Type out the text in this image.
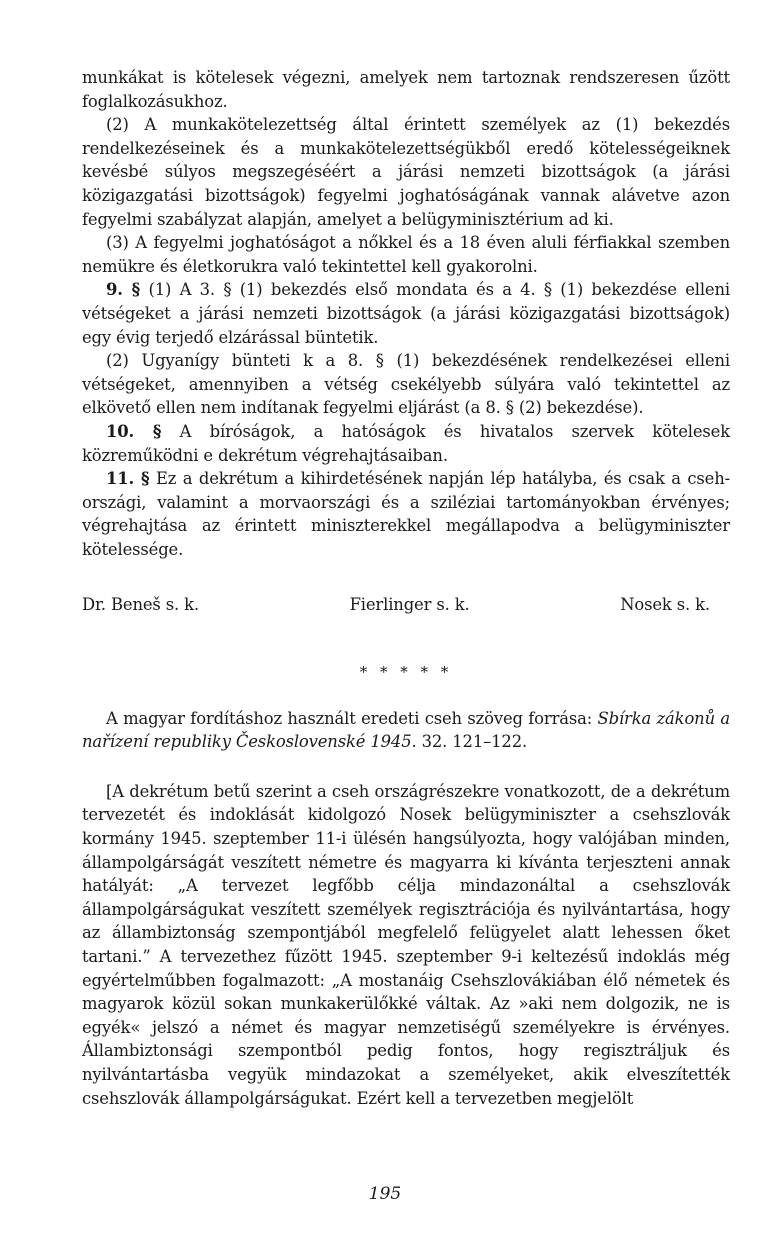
munkákat is kötelesek végezni, amelyek nem tartoznak rendszeresen űzött foglalkozásukhoz.

(2) A munkakötelezettség által érintett személyek az (1) bekezdés rendelkezéseinek és a munkakötelezettségükből eredő kötelességeiknek kevésbé súlyos megszegéséért a járási nemzeti bizottságok (a járási közigazgatási bizottságok) fegyelmi joghatóságának vannak alávetve azon fegyelmi szabályzat alapján, amelyet a belügyminisztérium ad ki.

(3) A fegyelmi joghatóságot a nőkkel és a 18 éven aluli férfiakkal szemben nemükre és életkorukra való tekintettel kell gyakorolni.

9. § (1) A 3. § (1) bekezdés első mondata és a 4. § (1) bekezdése elleni vétségeket a járási nemzeti bizottságok (a járási közigazgatási bizottságok) egy évig terjedő elzárással büntetik.

(2) Ugyanígy bünteti k a 8. § (1) bekezdésének rendelkezései elleni vétségeket, amennyiben a vétség csekélyebb súlyára való tekintettel az elkövető ellen nem indítanak fegyelmi eljárást (a 8. § (2) bekezdése).

10. § A bíróságok, a hatóságok és hivatalos szervek kötelesek közreműködni e dekrétum végrehajtásaiban.

11. § Ez a dekrétum a kihirdetésének napján lép hatályba, és csak a cseh-országi, valamint a morvaországi és a sziléziai tartományokban érvényes; végrehajtása az érintett miniszterekkel megállapodva a belügyminiszter kötelessége.

Dr. Beneš s. k.	Fierlinger s. k.	Nosek s. k.
* * * * *

A magyar fordításhoz használt eredeti cseh szöveg forrása: Sbírka zákonů a nařízení republiky Československé 1945. 32. 121–122.

[A dekrétum betű szerint a cseh országrészekre vonatkozott, de a dekrétum tervezetét és indoklását kidolgozó Nosek belügyminiszter a csehszlovák kormány 1945. szeptember 11-i ülésén hangsúlyozta, hogy valójában minden, állampolgárságát veszített németre és magyarra ki kívánta terjeszteni annak hatályát: „A tervezet legfőbb célja mindazonáltal a csehszlovák állampolgárságukat veszített személyek regisztrációja és nyilvántartása, hogy az állambiztonság szempontjából megfelelő felügyelet alatt lehessen őket tartani.” A tervezethez fűzött 1945. szeptember 9-i keltezésű indoklás még egyértelműbben fogalmazott: „A mostanáig Csehszlovákiában élő németek és magyarok közül sokan munkakerülőkké váltak. Az »aki nem dolgozik, ne is egyék« jelszó a német és magyar nemzetiségű személyekre is érvényes. Állambiztonsági szempontból pedig fontos, hogy regisztráljuk és nyilvántartásba vegyük mindazokat a személyeket, akik elveszítették csehszlovák állampolgárságukat. Ezért kell a tervezetben megjelölt

195
